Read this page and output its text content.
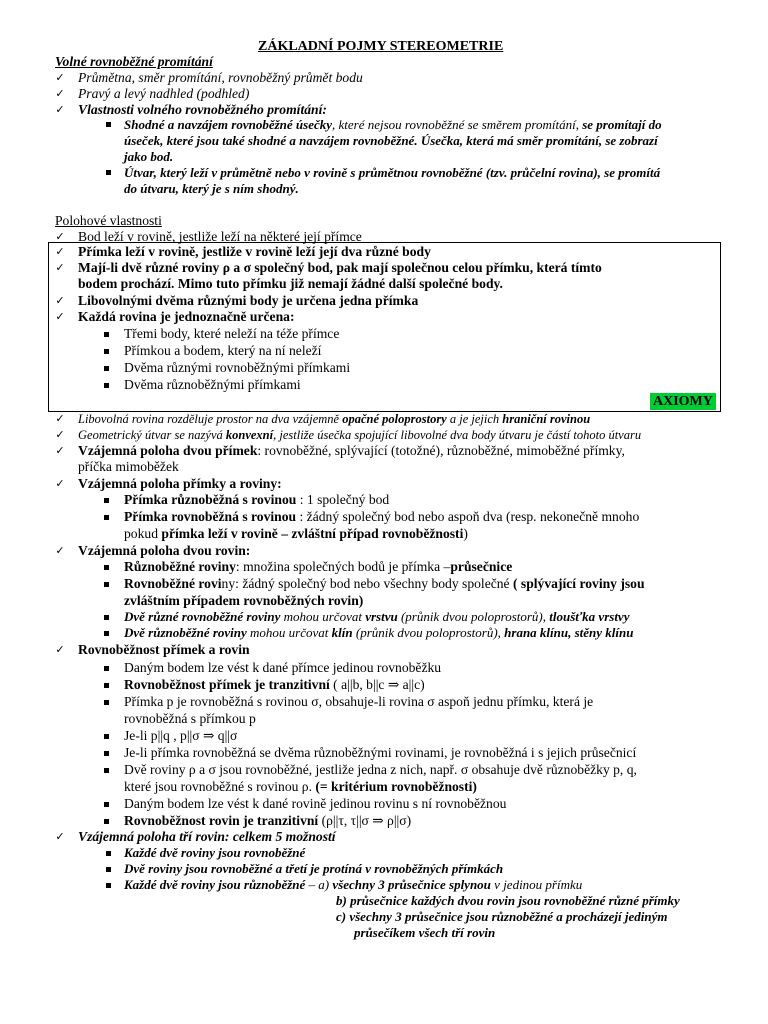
ZÁKLADNÍ POJMY STEREOMETRIE
Volné rovnoběžné promítání
✓ Průmětna, směr promítání, rovnoběžný průmět bodu
✓ Pravý a levý nadhled (podhled)
✓ Vlastnosti volného rovnoběžného promítání:
Shodné a navzájem rovnoběžné úsečky, které nejsou rovnoběžné se směrem promítání, se promítají do
úseček, které jsou také shodné a navzájem rovnoběžné. Úsečka, která má směr promítání, se zobrazí
jako bod.
Útvar, který leží v průmětně nebo v rovině s průmětnou rovnoběžné (tzv. průčelní rovina), se promítá
do útvaru, který je s ním shodný.
Polohové vlastnosti
✓ Bod leží v rovině, jestliže leží na některé její přímce
✓ Přímka leží v rovině, jestliže v rovině leží její dva různé body
✓ Mají-li dvě různé roviny ρ a σ společný bod, pak mají společnou celou přímku, která tímto
bodem prochází. Mimo tuto přímku již nemají žádné další společné body.
✓ Libovolnými dvěma různými body je určena jedna přímka
✓ Každá rovina je jednoznačně určena:
Třemi body, které neleží na téže přímce
Přímkou a bodem, který na ní neleží
Dvěma různými rovnoběžnými přímkami
Dvěma různoběžnými přímkami
AXIOMY
✓ Libovolná rovina rozděluje prostor na dva vzájemně opačné poloprostory a je jejich hraniční rovinou
✓ Geometrický útvar se nazývá konvexní, jestliže úsečka spojující libovolné dva body útvaru je částí tohoto útvaru
✓ Vzájemná poloha dvou přímek: rovnoběžné, splývající (totožné), různoběžné, mimoběžné přímky,
příčka mimoběžek
✓ Vzájemná poloha přímky a roviny:
Přímka různoběžná s rovinou : 1 společný bod
Přímka rovnoběžná s rovinou : žádný společný bod nebo aspoň dva (resp. nekonečně mnoho
pokud přímka leží v rovině – zvláštní případ rovnoběžnosti)
✓ Vzájemná poloha dvou rovin:
Různoběžné roviny: množina společných bodů je přímka –průsečnice
Rovnoběžné roviny: žádný společný bod nebo všechny body společné ( splývající roviny jsou
zvláštním případem rovnoběžných rovin)
Dvě různé rovnoběžné roviny mohou určovat vrstvu (průnik dvou poloprostorů), tloušťka vrstvy
Dvě různoběžné roviny mohou určovat klín (průnik dvou poloprostorů), hrana klínu, stěny klínu
✓ Rovnoběžnost přímek a rovin
Daným bodem lze vést k dané přímce jedinou rovnoběžku
Rovnoběžnost přímek je tranzitivní ( a||b, b||c ⇒ a||c)
Přímka p je rovnoběžná s rovinou σ, obsahuje-li rovina σ aspoň jednu přímku, která je
rovnoběžná s přímkou p
Je-li p||q , p||σ ⇒ q||σ
Je-li přímka rovnoběžná se dvěma různoběžnými rovinami, je rovnoběžná i s jejich průsečnicí
Dvě roviny ρ a σ jsou rovnoběžné, jestliže jedna z nich, např. σ obsahuje dvě různoběžky p, q,
které jsou rovnoběžné s rovinou ρ. (= kritérium rovnoběžnosti)
Daným bodem lze vést k dané rovině jedinou rovinu s ní rovnoběžnou
Rovnoběžnost rovin je tranzitivní (ρ||τ, τ||σ ⇒ ρ||σ)
✓ Vzájemná poloha tří rovin: celkem 5 možností
Každé dvě roviny jsou rovnoběžné
Dvě roviny jsou rovnoběžné a třetí je protíná v rovnoběžných přímkách
Každé dvě roviny jsou různoběžné – a) všechny 3 průsečnice splynou v jedinou přímku
b) průsečnice každých dvou rovin jsou rovnoběžné různé přímky
c) všechny 3 průsečnice jsou různoběžné a procházejí jediným
průsečíkem všech tří rovin
